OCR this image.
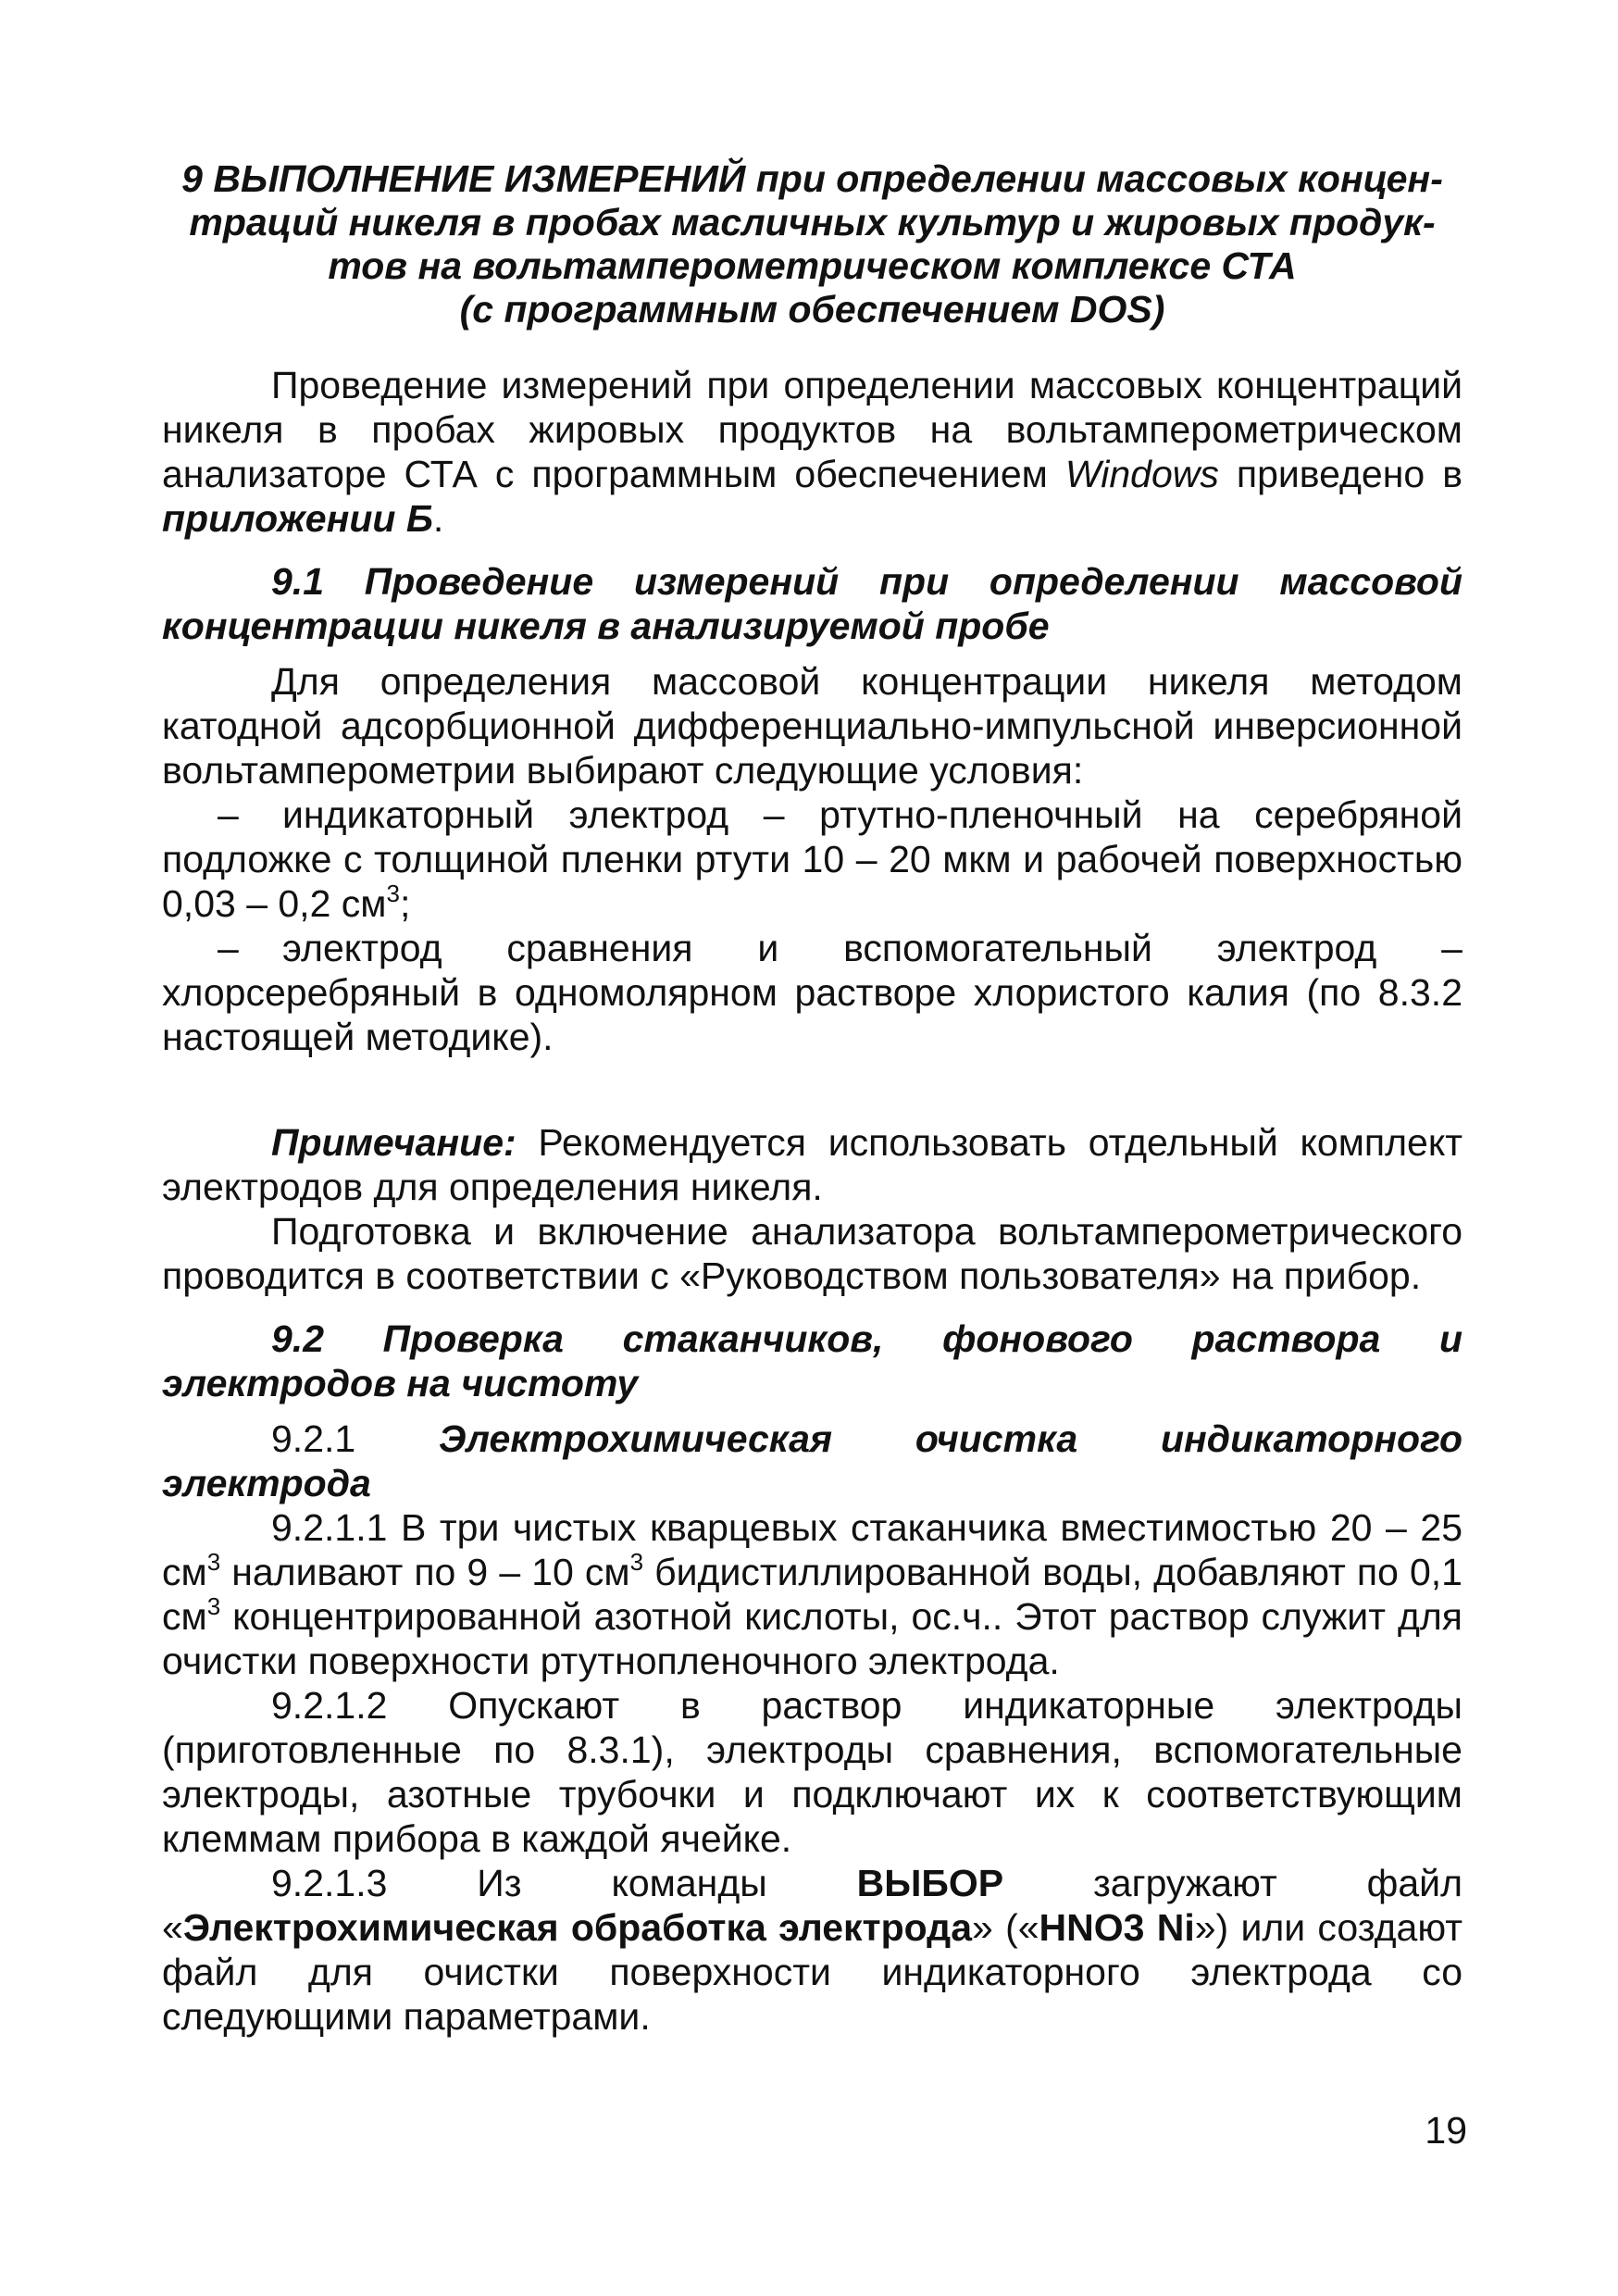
9 ВЫПОЛНЕНИЕ ИЗМЕРЕНИЙ при определении массовых концен-
траций никеля в пробах масличных культур и жировых продук-
тов на вольтамперометрическом комплексе СТА
(с программным обеспечением DOS)

Проведение измерений при определении массовых концентраций никеля в пробах жировых продуктов на вольтамперометрическом анализаторе СТА с программным обеспечением Windows приведено в приложении Б.

9.1 Проведение измерений при определении массовой концентрации никеля в анализируемой пробе

Для определения массовой концентрации никеля методом катодной адсорбционной дифференциально-импульсной инверсионной вольтамперометрии выбирают следующие условия:

– индикаторный электрод – ртутно-пленочный на серебряной подложке с толщиной пленки ртути 10 – 20 мкм и рабочей поверхностью 0,03 – 0,2 $см^3$;

– электрод сравнения и вспомогательный электрод – хлорсеребряный в одномолярном растворе хлористого калия (по 8.3.2 настоящей методике).

Примечание: Рекомендуется использовать отдельный комплект электродов для определения никеля.

Подготовка и включение анализатора вольтамперометрического проводится в соответствии с «Руководством пользователя» на прибор.

9.2 Проверка стаканчиков, фонового раствора и электродов на чистоту

9.2.1 Электрохимическая очистка индикаторного электрода

9.2.1.1 В три чистых кварцевых стаканчика вместимостью 20 – 25 $см^3$ наливают по 9 – 10 $см^3$ бидистиллированной воды, добавляют по 0,1 $см^3$ концентрированной азотной кислоты, ос.ч.. Этот раствор служит для очистки поверхности ртутнопленочного электрода.

9.2.1.2 Опускают в раствор индикаторные электроды (приготовленные по 8.3.1), электроды сравнения, вспомогательные электроды, азотные трубочки и подключают их к соответствующим клеммам прибора в каждой ячейке.

9.2.1.3 Из команды ВЫБОР загружают файл «Электрохимическая обработка электрода» («HNO3 Ni») или создают файл для очистки поверхности индикаторного электрода со следующими параметрами.

19
